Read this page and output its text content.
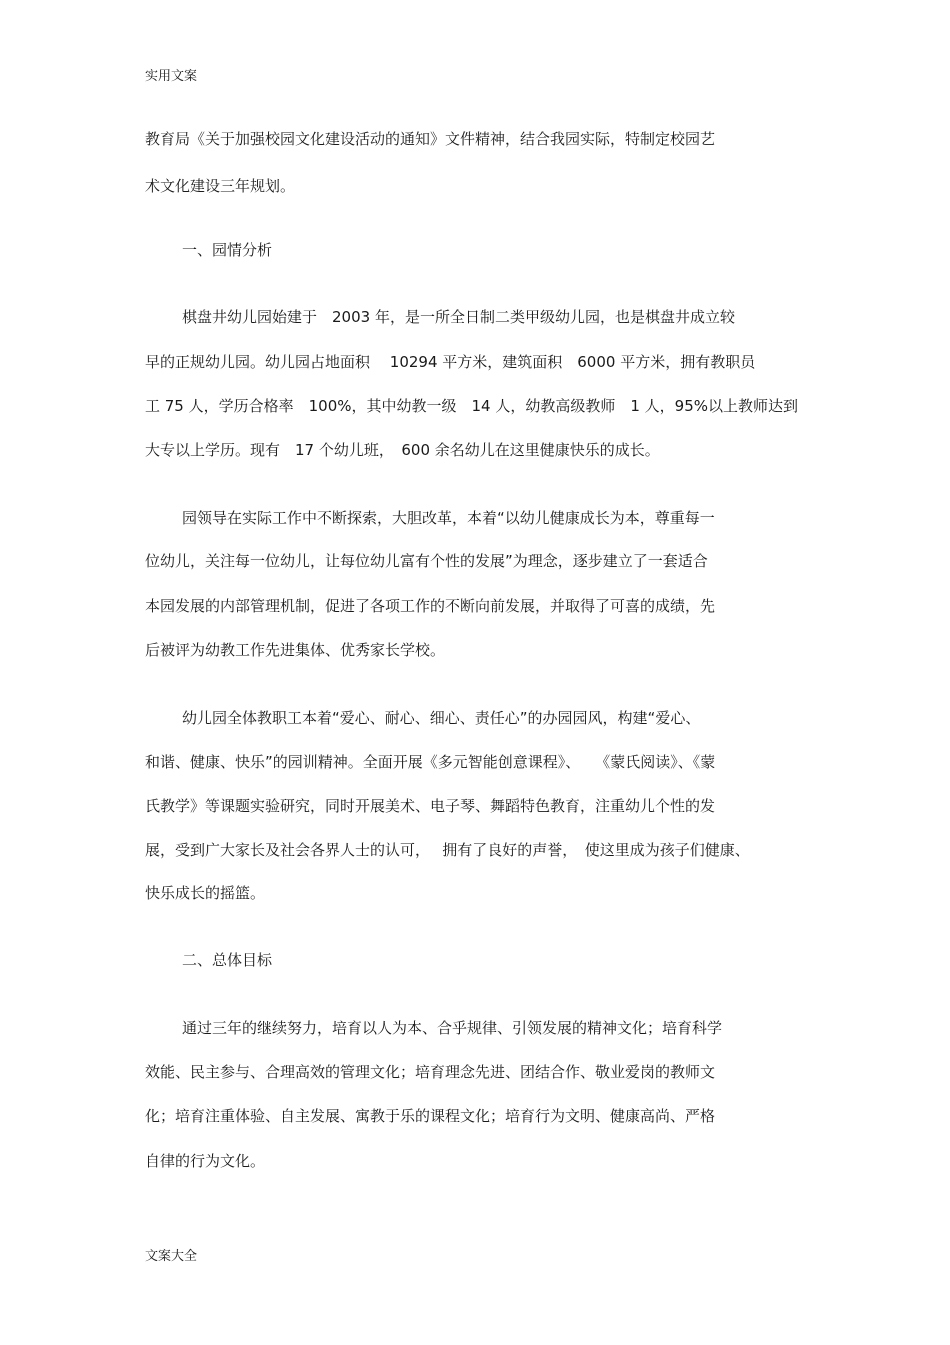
实用文案
教育局《关于加强校园文化建设活动的通知》文件精神，结合我园实际，特制定校园艺
术文化建设三年规划。
一、园情分析
棋盘井幼儿园始建于　2003 年，是一所全日制二类甲级幼儿园，也是棋盘井成立较
早的正规幼儿园。幼儿园占地面积　 10294 平方米，建筑面积　6000 平方米，拥有教职员
工 75 人，学历合格率　100%，其中幼教一级　14 人，幼教高级教师　1 人，95%以上教师达到
大专以上学历。现有　17 个幼儿班，　600 余名幼儿在这里健康快乐的成长。
园领导在实际工作中不断探索，大胆改革，本着“以幼儿健康成长为本，尊重每一
位幼儿，关注每一位幼儿，让每位幼儿富有个性的发展”为理念，逐步建立了一套适合
本园发展的内部管理机制，促进了各项工作的不断向前发展，并取得了可喜的成绩，先
后被评为幼教工作先进集体、优秀家长学校。
幼儿园全体教职工本着“爱心、耐心、细心、责任心”的办园园风，构建“爱心、
和谐、健康、快乐”的园训精神。全面开展《多元智能创意课程》、　　《蒙氏阅读》、《蒙
氏教学》等课题实验研究，同时开展美术、电子琴、舞蹈特色教育，注重幼儿个性的发
展，受到广大家长及社会各界人士的认可，　 拥有了良好的声誉，　使这里成为孩子们健康、
快乐成长的摇篮。
二、总体目标
通过三年的继续努力，培育以人为本、合乎规律、引领发展的精神文化；培育科学
效能、民主参与、合理高效的管理文化；培育理念先进、团结合作、敬业爱岗的教师文
化；培育注重体验、自主发展、寓教于乐的课程文化；培育行为文明、健康高尚、严格
自律的行为文化。
文案大全
